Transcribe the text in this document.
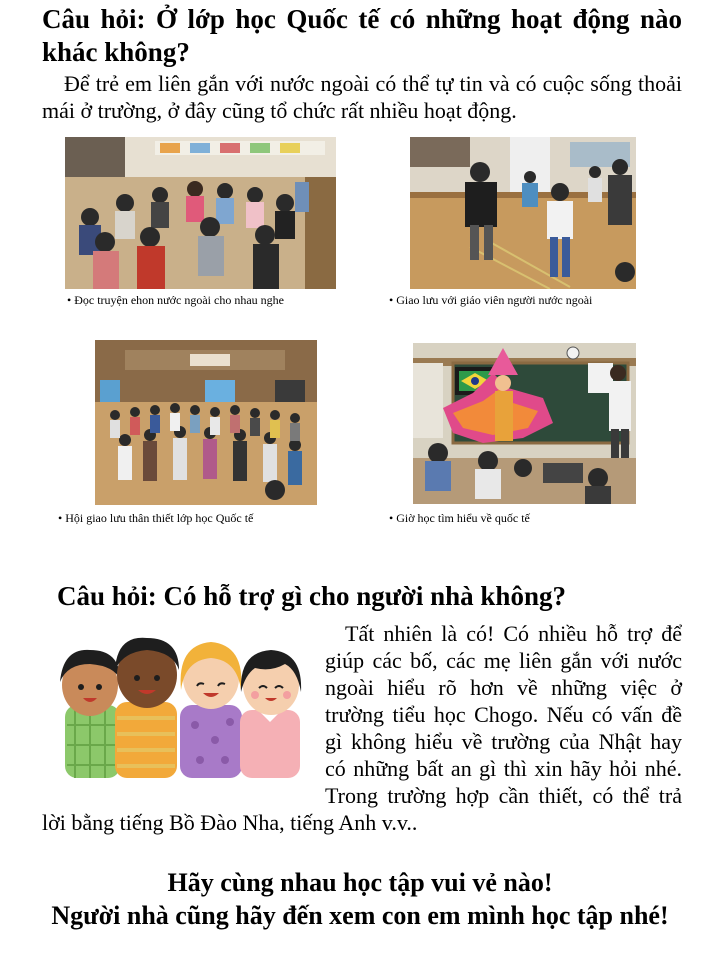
Câu hỏi: Ở lớp học Quốc tế có những hoạt động nào khác không?
Để trẻ em liên gắn với nước ngoài có thể tự tin và có cuộc sống thoải mái ở trường, ở đây cũng tổ chức rất nhiều hoạt động.
• Đọc truyện ehon nước ngoài cho nhau nghe	• Giao lưu với giáo viên người nước ngoài
• Hội giao lưu thân thiết lớp học Quốc tế	• Giờ học tìm hiểu về quốc tế
Câu hỏi: Có hỗ trợ gì cho người nhà không?
Tất nhiên là có! Có nhiều hỗ trợ để giúp các bố, các mẹ liên gắn với nước ngoài hiểu rõ hơn về những việc ở trường tiểu học Chogo. Nếu có vấn đề gì không hiểu về trường của Nhật hay có những bất an gì thì xin hãy hỏi nhé. Trong trường hợp cần thiết, có thể trả lời bằng tiếng Bồ Đào Nha, tiếng Anh v.v..
Hãy cùng nhau học tập vui vẻ nào!
Người nhà cũng hãy đến xem con em mình học tập nhé!
